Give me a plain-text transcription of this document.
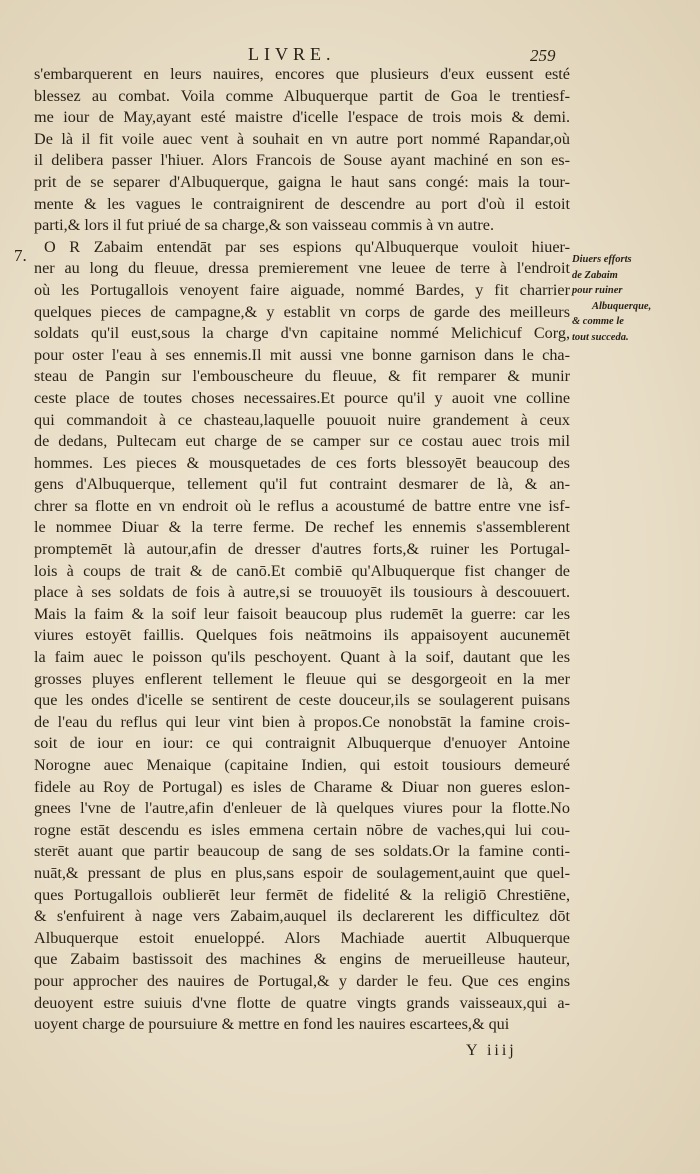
LIVRE.	259
7.
s'embarquerent en leurs nauires, encores que plusieurs d'eux eussent esté
blessez au combat. Voila comme Albuquerque partit de Goa le trentiesf-
me iour de May,ayant esté maistre d'icelle l'espace de trois mois & demi.
De là il fit voile auec vent à souhait en vn autre port nommé Rapandar,où
il delibera passer l'hiuer. Alors Francois de Souse ayant machiné en son es-
prit de se separer d'Albuquerque, gaigna le haut sans congé: mais la tour-
mente & les vagues le contraignirent de descendre au port d'où il estoit
parti,& lors il fut priué de sa charge,& son vaisseau commis à vn autre.
O R Zabaim entendāt par ses espions qu'Albuquerque vouloit hiuer-
ner au long du fleuue, dressa premierement vne leuee de terre à l'endroit
où les Portugallois venoyent faire aiguade, nommé Bardes, y fit charrier
quelques pieces de campagne,& y establit vn corps de garde des meilleurs
soldats qu'il eust,sous la charge d'vn capitaine nommé Melichicuf Corg,
pour oster l'eau à ses ennemis.Il mit aussi vne bonne garnison dans le cha-
steau de Pangin sur l'embouscheure du fleuue, & fit remparer & munir
ceste place de toutes choses necessaires.Et pource qu'il y auoit vne colline
qui commandoit à ce chasteau,laquelle pouuoit nuire grandement à ceux
de dedans, Pultecam eut charge de se camper sur ce costau auec trois mil
hommes. Les pieces & mousquetades de ces forts blessoyēt beaucoup des
gens d'Albuquerque, tellement qu'il fut contraint desmarer de là, & an-
chrer sa flotte en vn endroit où le reflus a acoustumé de battre entre vne isf-
le nommee Diuar & la terre ferme. De rechef les ennemis s'assemblerent
promptemēt là autour,afin de dresser d'autres forts,& ruiner les Portugal-
lois à coups de trait & de canō.Et combiē qu'Albuquerque fist changer de
place à ses soldats de fois à autre,si se trouuoyēt ils tousiours à descouuert.
Mais la faim & la soif leur faisoit beaucoup plus rudemēt la guerre: car les
viures estoyēt faillis. Quelques fois neātmoins ils appaisoyent aucunemēt
la faim auec le poisson qu'ils peschoyent. Quant à la soif, dautant que les
grosses pluyes enflerent tellement le fleuue qui se desgorgeoit en la mer
que les ondes d'icelle se sentirent de ceste douceur,ils se soulagerent puisans
de l'eau du reflus qui leur vint bien à propos.Ce nonobstāt la famine crois-
soit de iour en iour: ce qui contraignit Albuquerque d'enuoyer Antoine
Norogne auec Menaique (capitaine Indien, qui estoit tousiours demeuré
fidele au Roy de Portugal) es isles de Charame & Diuar non gueres eslon-
gnees l'vne de l'autre,afin d'enleuer de là quelques viures pour la flotte.No
rogne estāt descendu es isles emmena certain nōbre de vaches,qui lui cou-
sterēt auant que partir beaucoup de sang de ses soldats.Or la famine conti-
nuāt,& pressant de plus en plus,sans espoir de soulagement,auint que quel-
ques Portugallois oublierēt leur fermēt de fidelité & la religiō Chrestiēne,
& s'enfuirent à nage vers Zabaim,auquel ils declarerent les difficultez dōt
Albuquerque estoit enueloppé. Alors Machiade auertit Albuquerque
que Zabaim bastissoit des machines & engins de merueilleuse hauteur,
pour approcher des nauires de Portugal,& y darder le feu. Que ces engins
deuoyent estre suiuis d'vne flotte de quatre vingts grands vaisseaux,qui a-
uoyent charge de poursuiure & mettre en fond les nauires escartees,& qui
Diuers efforts
de Zabaim
pour ruiner
Albuquerque,
& comme le
tout succeda.
Y iiij
